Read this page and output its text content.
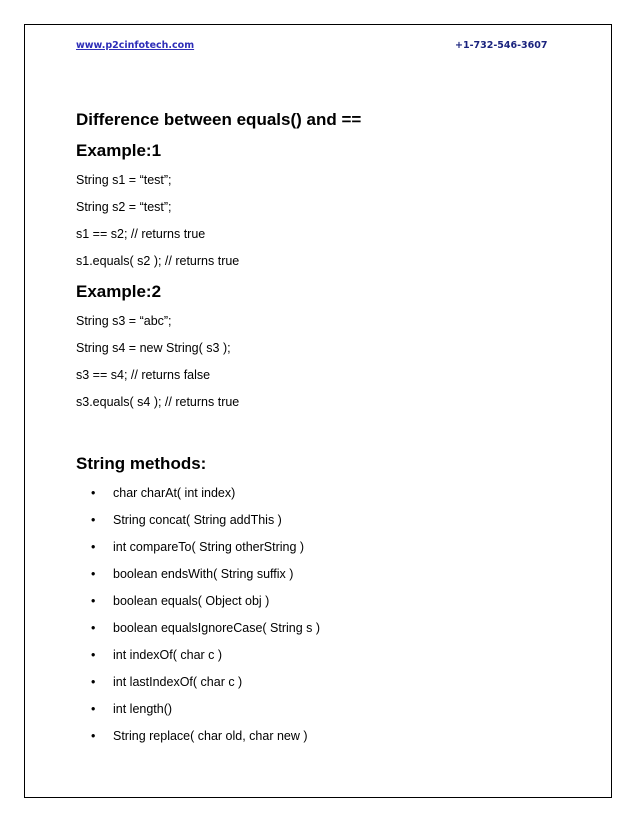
www.p2cinfotech.com	+1-732-546-3607
Difference between equals() and ==
Example:1

String s1 = “test”;

String s2 = “test”;

s1 == s2; // returns true

s1.equals( s2 ); // returns true

Example:2

String s3 = “abc”;

String s4 = new String( s3 );

s3 == s4; // returns false

s3.equals( s4 ); // returns true

String methods:
• char charAt( int index)
• String concat( String addThis )
• int compareTo( String otherString )
• boolean endsWith( String suffix )
• boolean equals( Object obj )
• boolean equalsIgnoreCase( String s )
• int indexOf( char c )
• int lastIndexOf( char c )
• int length()
• String replace( char old, char new )
